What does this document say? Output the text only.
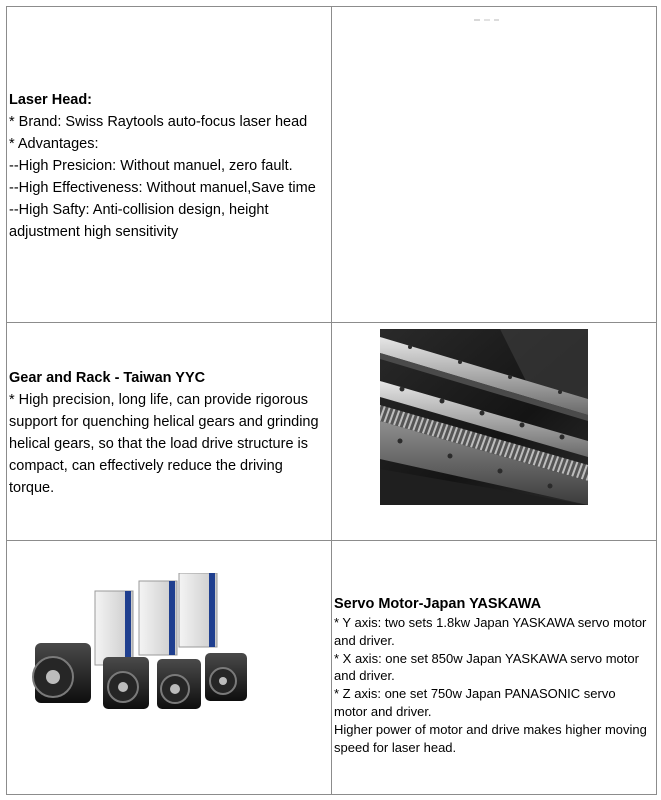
Laser Head:

* Brand: Swiss Raytools auto-focus laser head

* Advantages:

--High Presicion: Without manuel, zero fault.

--High Effectiveness: Without manuel,Save time

--High Safty: Anti-collision design, height adjustment high sensitivity

Gear and Rack - Taiwan YYC

* High precision, long life, can provide rigorous support for quenching helical gears and grinding helical gears, so that the load drive structure is compact, can effectively reduce the driving torque.

Servo Motor-Japan YASKAWA

* Y axis: two sets 1.8kw Japan YASKAWA servo motor and driver.

* X axis: one set 850w Japan YASKAWA servo motor and driver.

* Z axis: one set 750w Japan PANASONIC servo motor and driver.

Higher power of motor and drive makes higher moving speed for laser head.
